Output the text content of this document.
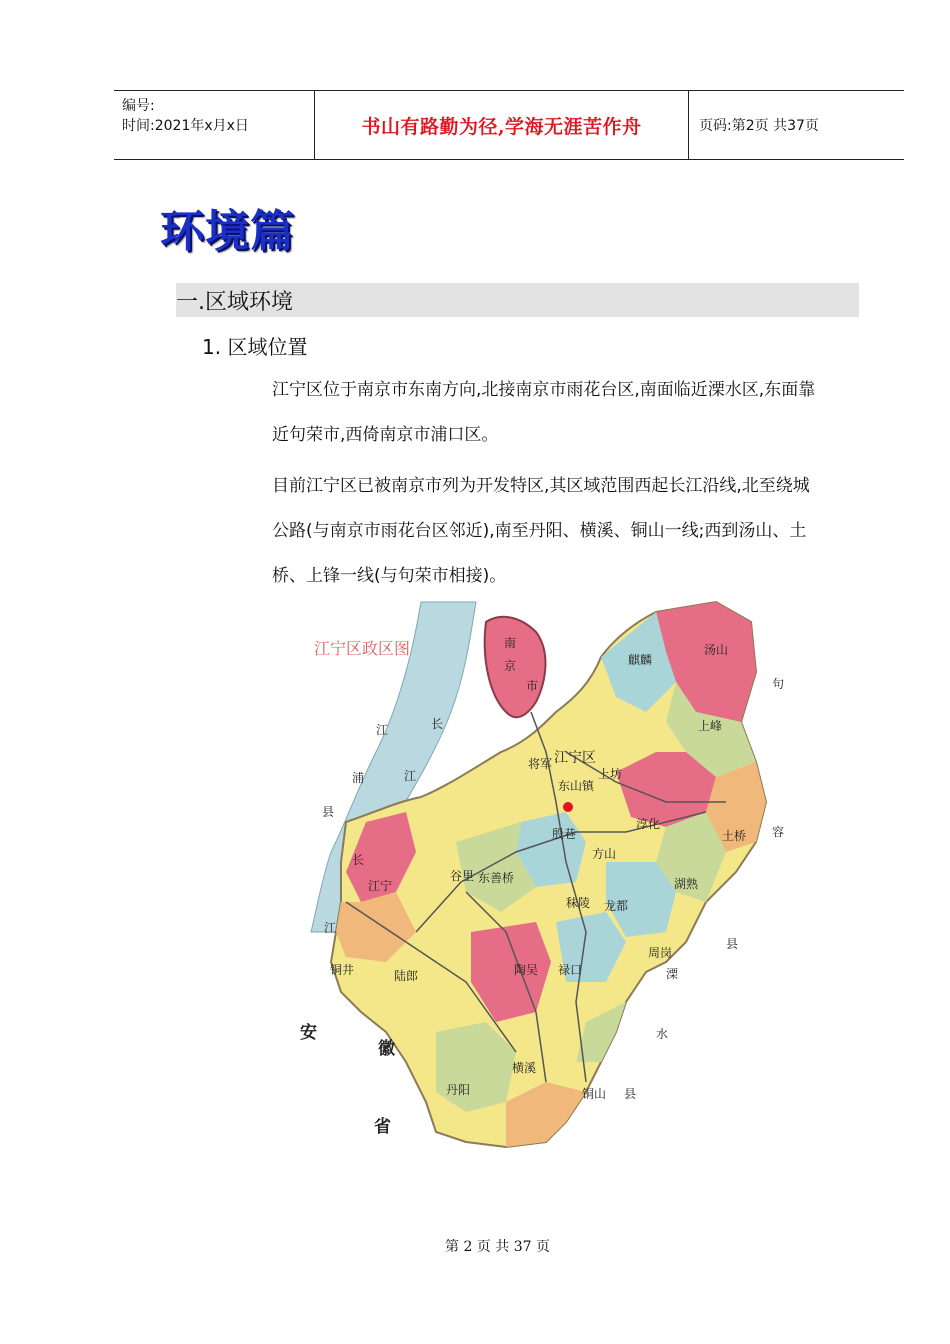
编号:
时间:2021年x月x日	书山有路勤为径,学海无涯苦作舟	页码:第2页 共37页
环境篇
一.区域环境
1. 区域位置
江宁区位于南京市东南方向,北接南京市雨花台区,南面临近溧水区,东面靠近句荣市,西倚南京市浦口区。
目前江宁区已被南京市列为开发特区,其区域范围西起长江沿线,北至绕城公路(与南京市雨花台区邻近),南至丹阳、横溪、铜山一线;西到汤山、土桥、上锋一线(与句荣市相接)。
江宁区政区图	南
京
市
江宁区
麒麟
汤山
上峰
江
浦
县
长
江
长
江
句
容
县
溧
水
县
江宁
谷里 东善桥
秣陵 龙都
湖熟
周岗
禄口
陶吴
横溪
丹阳	铜山
铜井	陆郎
东山镇
上坊
淳化
土桥
将军
殷巷
方山
安
徽
省
第 2 页 共 37 页
